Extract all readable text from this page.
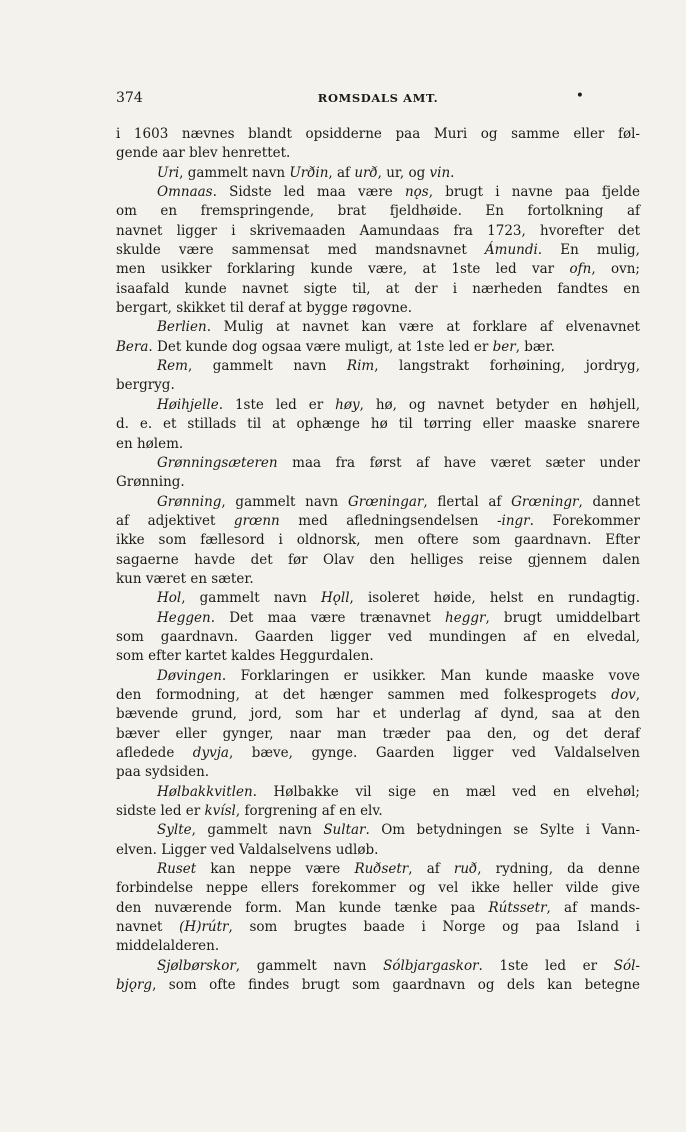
374	ROMSDALS AMT.	•
i 1603 nævnes blandt opsidderne paa Muri og samme eller føl-
gende aar blev henrettet.
Uri, gammelt navn Urðin, af urð, ur, og vin.
Omnaas. Sidste led maa være nǫs, brugt i navne paa fjelde
om en fremspringende, brat fjeldhøide. En fortolkning af
navnet ligger i skrivemaaden Aamundaas fra 1723, hvorefter det
skulde være sammensat med mandsnavnet Ámundi. En mulig,
men usikker forklaring kunde være, at 1ste led var ofn, ovn;
isaafald kunde navnet sigte til, at der i nærheden fandtes en
bergart, skikket til deraf at bygge røgovne.
Berlien. Mulig at navnet kan være at forklare af elvenavnet
Bera. Det kunde dog ogsaa være muligt, at 1ste led er ber, bær.
Rem, gammelt navn Rim, langstrakt forhøining, jordryg,
bergryg.
Høihjelle. 1ste led er høy, hø, og navnet betyder en høhjell,
d. e. et stillads til at ophænge hø til tørring eller maaske snarere
en hølem.
Grønningsæteren maa fra først af have været sæter under
Grønning.
Grønning, gammelt navn Grœningar, flertal af Grœningr, dannet
af adjektivet grœnn med afledningsendelsen -ingr. Forekommer
ikke som fællesord i oldnorsk, men oftere som gaardnavn. Efter
sagaerne havde det før Olav den helliges reise gjennem dalen
kun været en sæter.
Hol, gammelt navn Hǫll, isoleret høide, helst en rundagtig.
Heggen. Det maa være trænavnet heggr, brugt umiddelbart
som gaardnavn. Gaarden ligger ved mundingen af en elvedal,
som efter kartet kaldes Heggurdalen.
Døvingen. Forklaringen er usikker. Man kunde maaske vove
den formodning, at det hænger sammen med folkesprogets dov,
bævende grund, jord, som har et underlag af dynd, saa at den
bæver eller gynger, naar man træder paa den, og det deraf
afledede dyvja, bæve, gynge. Gaarden ligger ved Valdalselven
paa sydsiden.
Hølbakkvitlen. Hølbakke vil sige en mæl ved en elvehøl;
sidste led er kvísl, forgrening af en elv.
Sylte, gammelt navn Sultar. Om betydningen se Sylte i Vann-
elven. Ligger ved Valdalselvens udløb.
Ruset kan neppe være Ruðsetr, af ruð, rydning, da denne
forbindelse neppe ellers forekommer og vel ikke heller vilde give
den nuværende form. Man kunde tænke paa Rútssetr, af mands-
navnet (H)rútr, som brugtes baade i Norge og paa Island i
middelalderen.
Sjølbørskor, gammelt navn Sólbjargaskor. 1ste led er Sól-
bjǫrg, som ofte findes brugt som gaardnavn og dels kan betegne
